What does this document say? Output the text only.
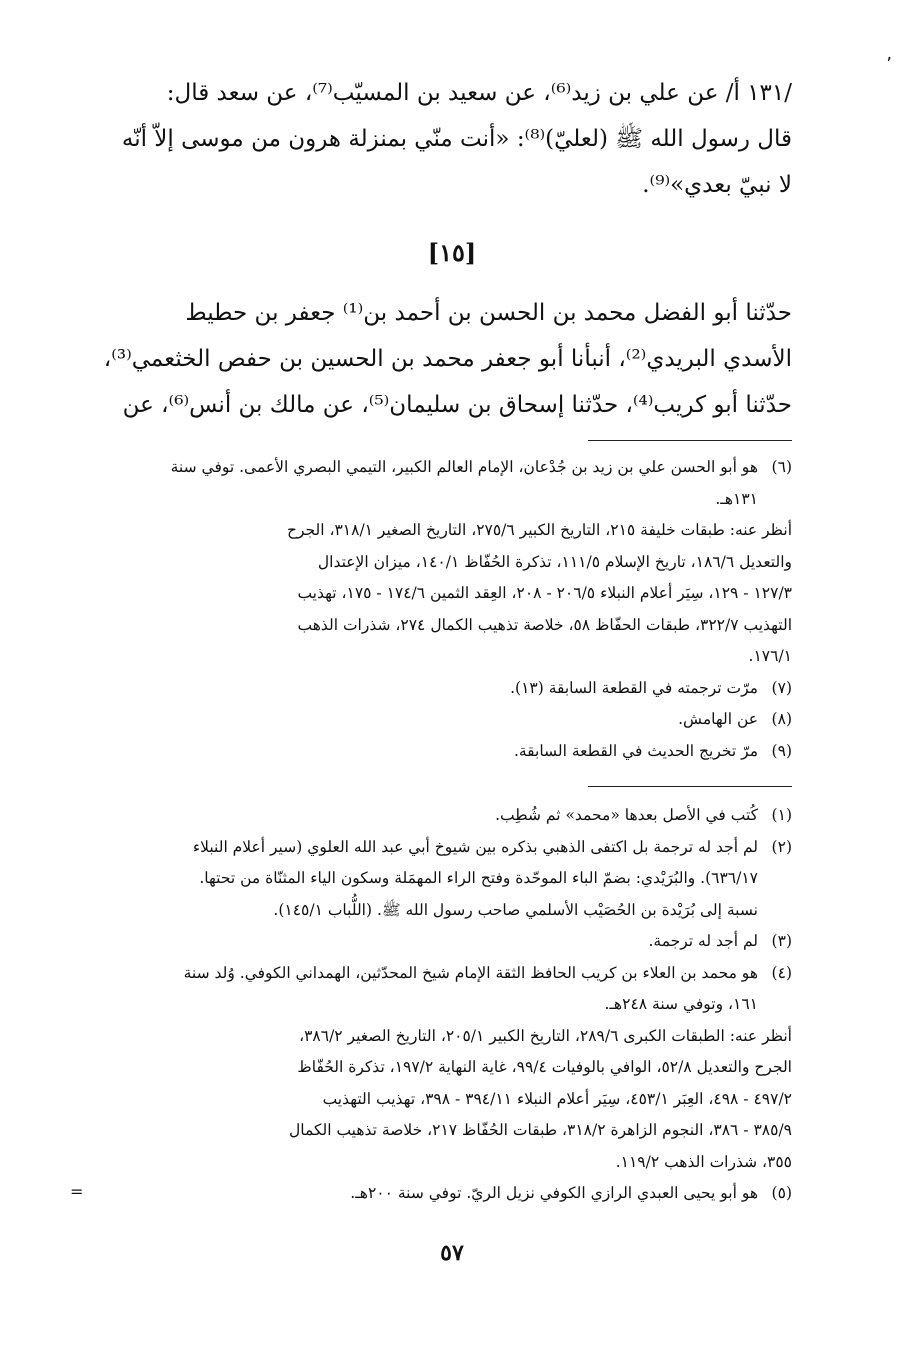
٬
/١٣١ أ/ عن علي بن زيد⁽⁶⁾، عن سعيد بن المسيّب⁽⁷⁾، عن سعد قال:
قال رسول الله ﷺ (لعليّ)⁽⁸⁾: «أنت منّي بمنزلة هرون من موسى إلاّ أنّه
لا نبيّ بعدي»⁽⁹⁾.
[١٥]
حدّثنا أبو الفضل محمد بن الحسن بن أحمد بن⁽¹⁾ جعفر بن حطيط
الأسدي البريدي⁽²⁾، أنبأنا أبو جعفر محمد بن الحسين بن حفص الخثعمي⁽³⁾،
حدّثنا أبو كريب⁽⁴⁾، حدّثنا إسحاق بن سليمان⁽⁵⁾، عن مالك بن أنس⁽⁶⁾، عن
(٦)هو أبو الحسن علي بن زيد بن جُدْعان، الإمام العالم الكبير، التيمي البصري الأعمى. توفي سنة
١٣١هـ.
أنظر عنه: طبقات خليفة ٢١٥، التاريخ الكبير ٢٧٥/٦، التاريخ الصغير ٣١٨/١، الجرح
والتعديل ١٨٦/٦، تاريخ الإسلام ١١١/٥، تذكرة الحُفّاظ ١٤٠/١، ميزان الإعتدال
١٢٧/٣ - ١٢٩، سِيَر أعلام النبلاء ٢٠٦/٥ - ٢٠٨، العِقد الثمين ١٧٤/٦ - ١٧٥، تهذيب
التهذيب ٣٢٢/٧، طبقات الحفّاظ ٥٨، خلاصة تذهيب الكمال ٢٧٤، شذرات الذهب
١٧٦/١.
(٧)مرّت ترجمته في القطعة السابقة (١٣).
(٨)عن الهامش.
(٩)مرّ تخريج الحديث في القطعة السابقة.
(١)كُتب في الأصل بعدها «محمد» ثم شُطِب.
(٢)لم أجد له ترجمة بل اكتفى الذهبي بذكره بين شيوخ أبي عبد الله العلوي (سير أعلام النبلاء
٦٣٦/١٧). والبُرَيْدي: بضمّ الباء الموحّدة وفتح الراء المهمَلة وسكون الياء المثنّاة من تحتها.
نسبة إلى بُرَيْدة بن الحُصَيْب الأسلمي صاحب رسول الله ﷺ. (اللُّباب ١٤٥/١).
(٣)لم أجد له ترجمة.
(٤)هو محمد بن العلاء بن كريب الحافظ الثقة الإمام شيخ المحدّثين، الهمداني الكوفي. وُلد سنة
١٦١، وتوفي سنة ٢٤٨هـ.
أنظر عنه: الطبقات الكبرى ٢٨٩/٦، التاريخ الكبير ٢٠٥/١، التاريخ الصغير ٣٨٦/٢،
الجرح والتعديل ٥٢/٨، الوافي بالوفيات ٩٩/٤، غاية النهاية ١٩٧/٢، تذكرة الحُفّاظ
٤٩٧/٢ - ٤٩٨، العِبَر ٤٥٣/١، سِيَر أعلام النبلاء ٣٩٤/١١ - ٣٩٨، تهذيب التهذيب
٣٨٥/٩ - ٣٨٦، النجوم الزاهرة ٣١٨/٢، طبقات الحُفّاظ ٢١٧، خلاصة تذهيب الكمال
٣٥٥، شذرات الذهب ١١٩/٢.
(٥)هو أبو يحيى العبدي الرازي الكوفي نزيل الريّ. توفي سنة ٢٠٠هـ.
=
٥٧
